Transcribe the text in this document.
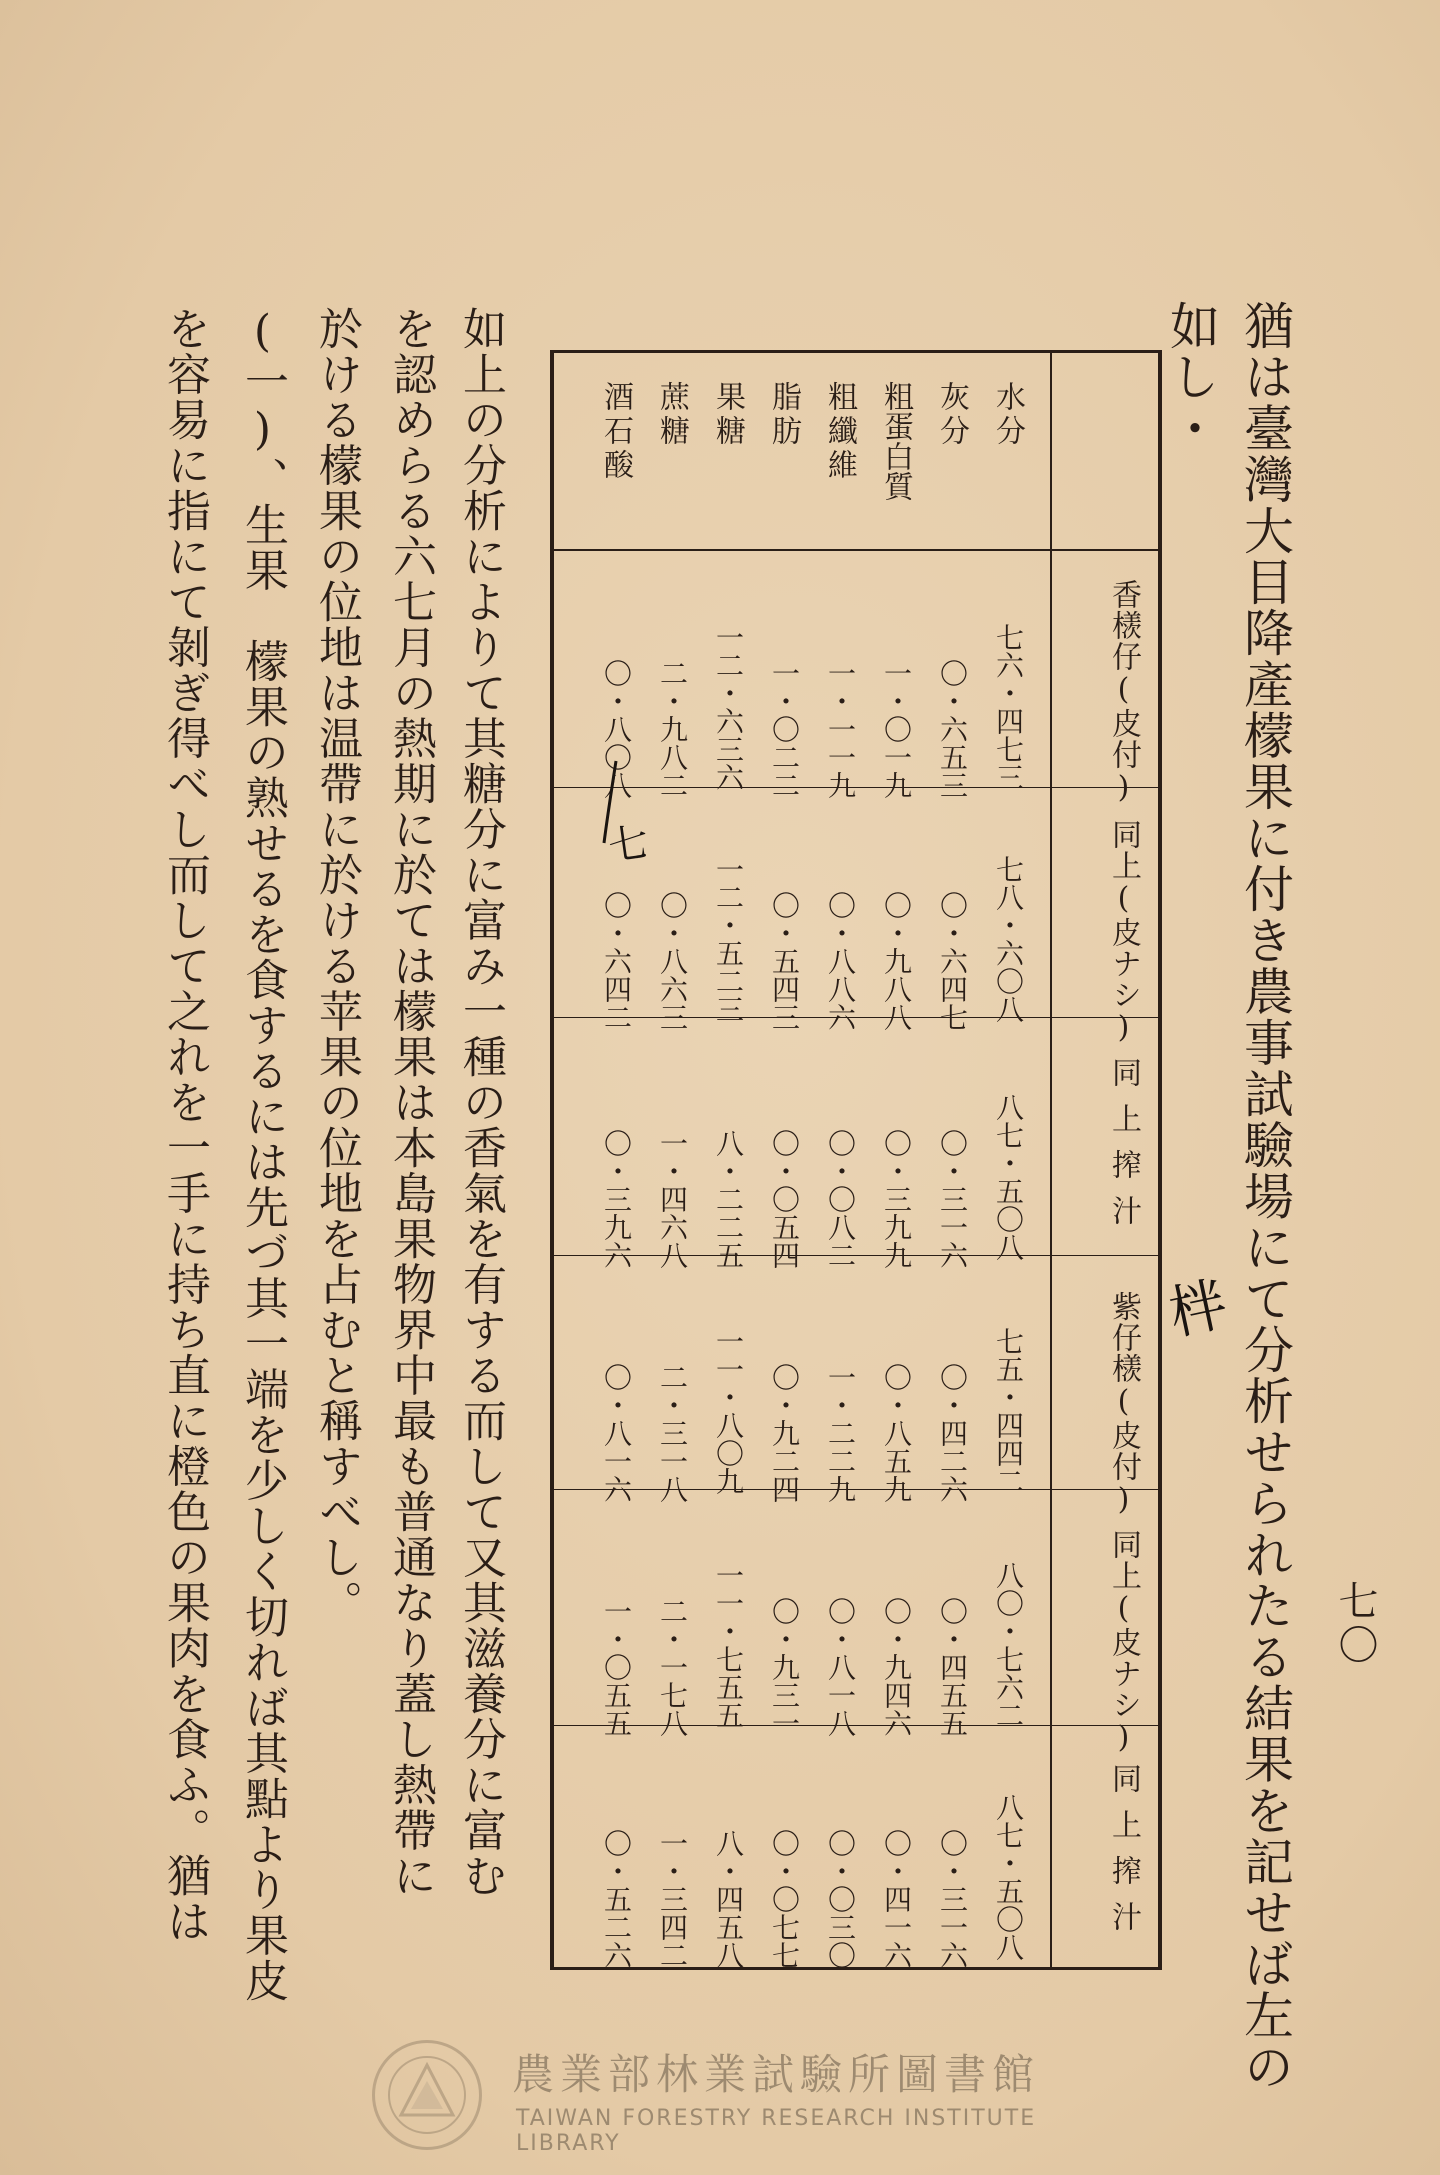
七〇
猶は臺灣大目降產檬果に付き農事試驗場にて分析せられたる結果を記せば左の
如し・
柈
水分
灰分
粗蛋白質
粗纖維
脂肪
果糖
蔗糖
酒石酸
香檨仔(皮付)
同上(皮ナシ)
同上搾汁
紫仔檨(皮付)
同上(皮ナシ)
同上搾汁
七六・四七三
〇・六五三
一・〇一九
一・一一九
一・〇二二
一二・六三六
二・九八二
〇・八〇八
七八・六〇八
〇・六四七
〇・九八八
〇・八八六
〇・五四三
一二・五二三
〇・八六三
〇・六四二
八七・五〇八
〇・三一六
〇・三九九
〇・〇八二
〇・〇五四
八・二二五
一・四六八
〇・三九六
七五・四四二
〇・四二六
〇・八五九
一・二二九
〇・九二四
一一・八〇九
二・三一八
〇・八一六
八〇・七六二
〇・四五五
〇・九四六
〇・八一八
〇・九三一
一一・七五五
二・一七八
一・〇五五
八七・五〇八
〇・三一六
〇・四一六
〇・〇三〇
〇・〇七七
八・四五八
一・三四二
〇・五二六
七
如上の分析によりて其糖分に富み一種の香氣を有する而して又其滋養分に富む
を認めらる六七月の熱期に於ては檬果は本島果物界中最も普通なり蓋し熱帶に
於ける檬果の位地は温帶に於ける苹果の位地を占むと稱すべし。
(一)、生果　檬果の熟せるを食するには先づ其一端を少しく切れば其點より果皮
を容易に指にて剝ぎ得べし而して之れを一手に持ち直に橙色の果肉を食ふ。猶は
農業部林業試驗所圖書館
TAIWAN FORESTRY RESEARCH INSTITUTE LIBRARY
